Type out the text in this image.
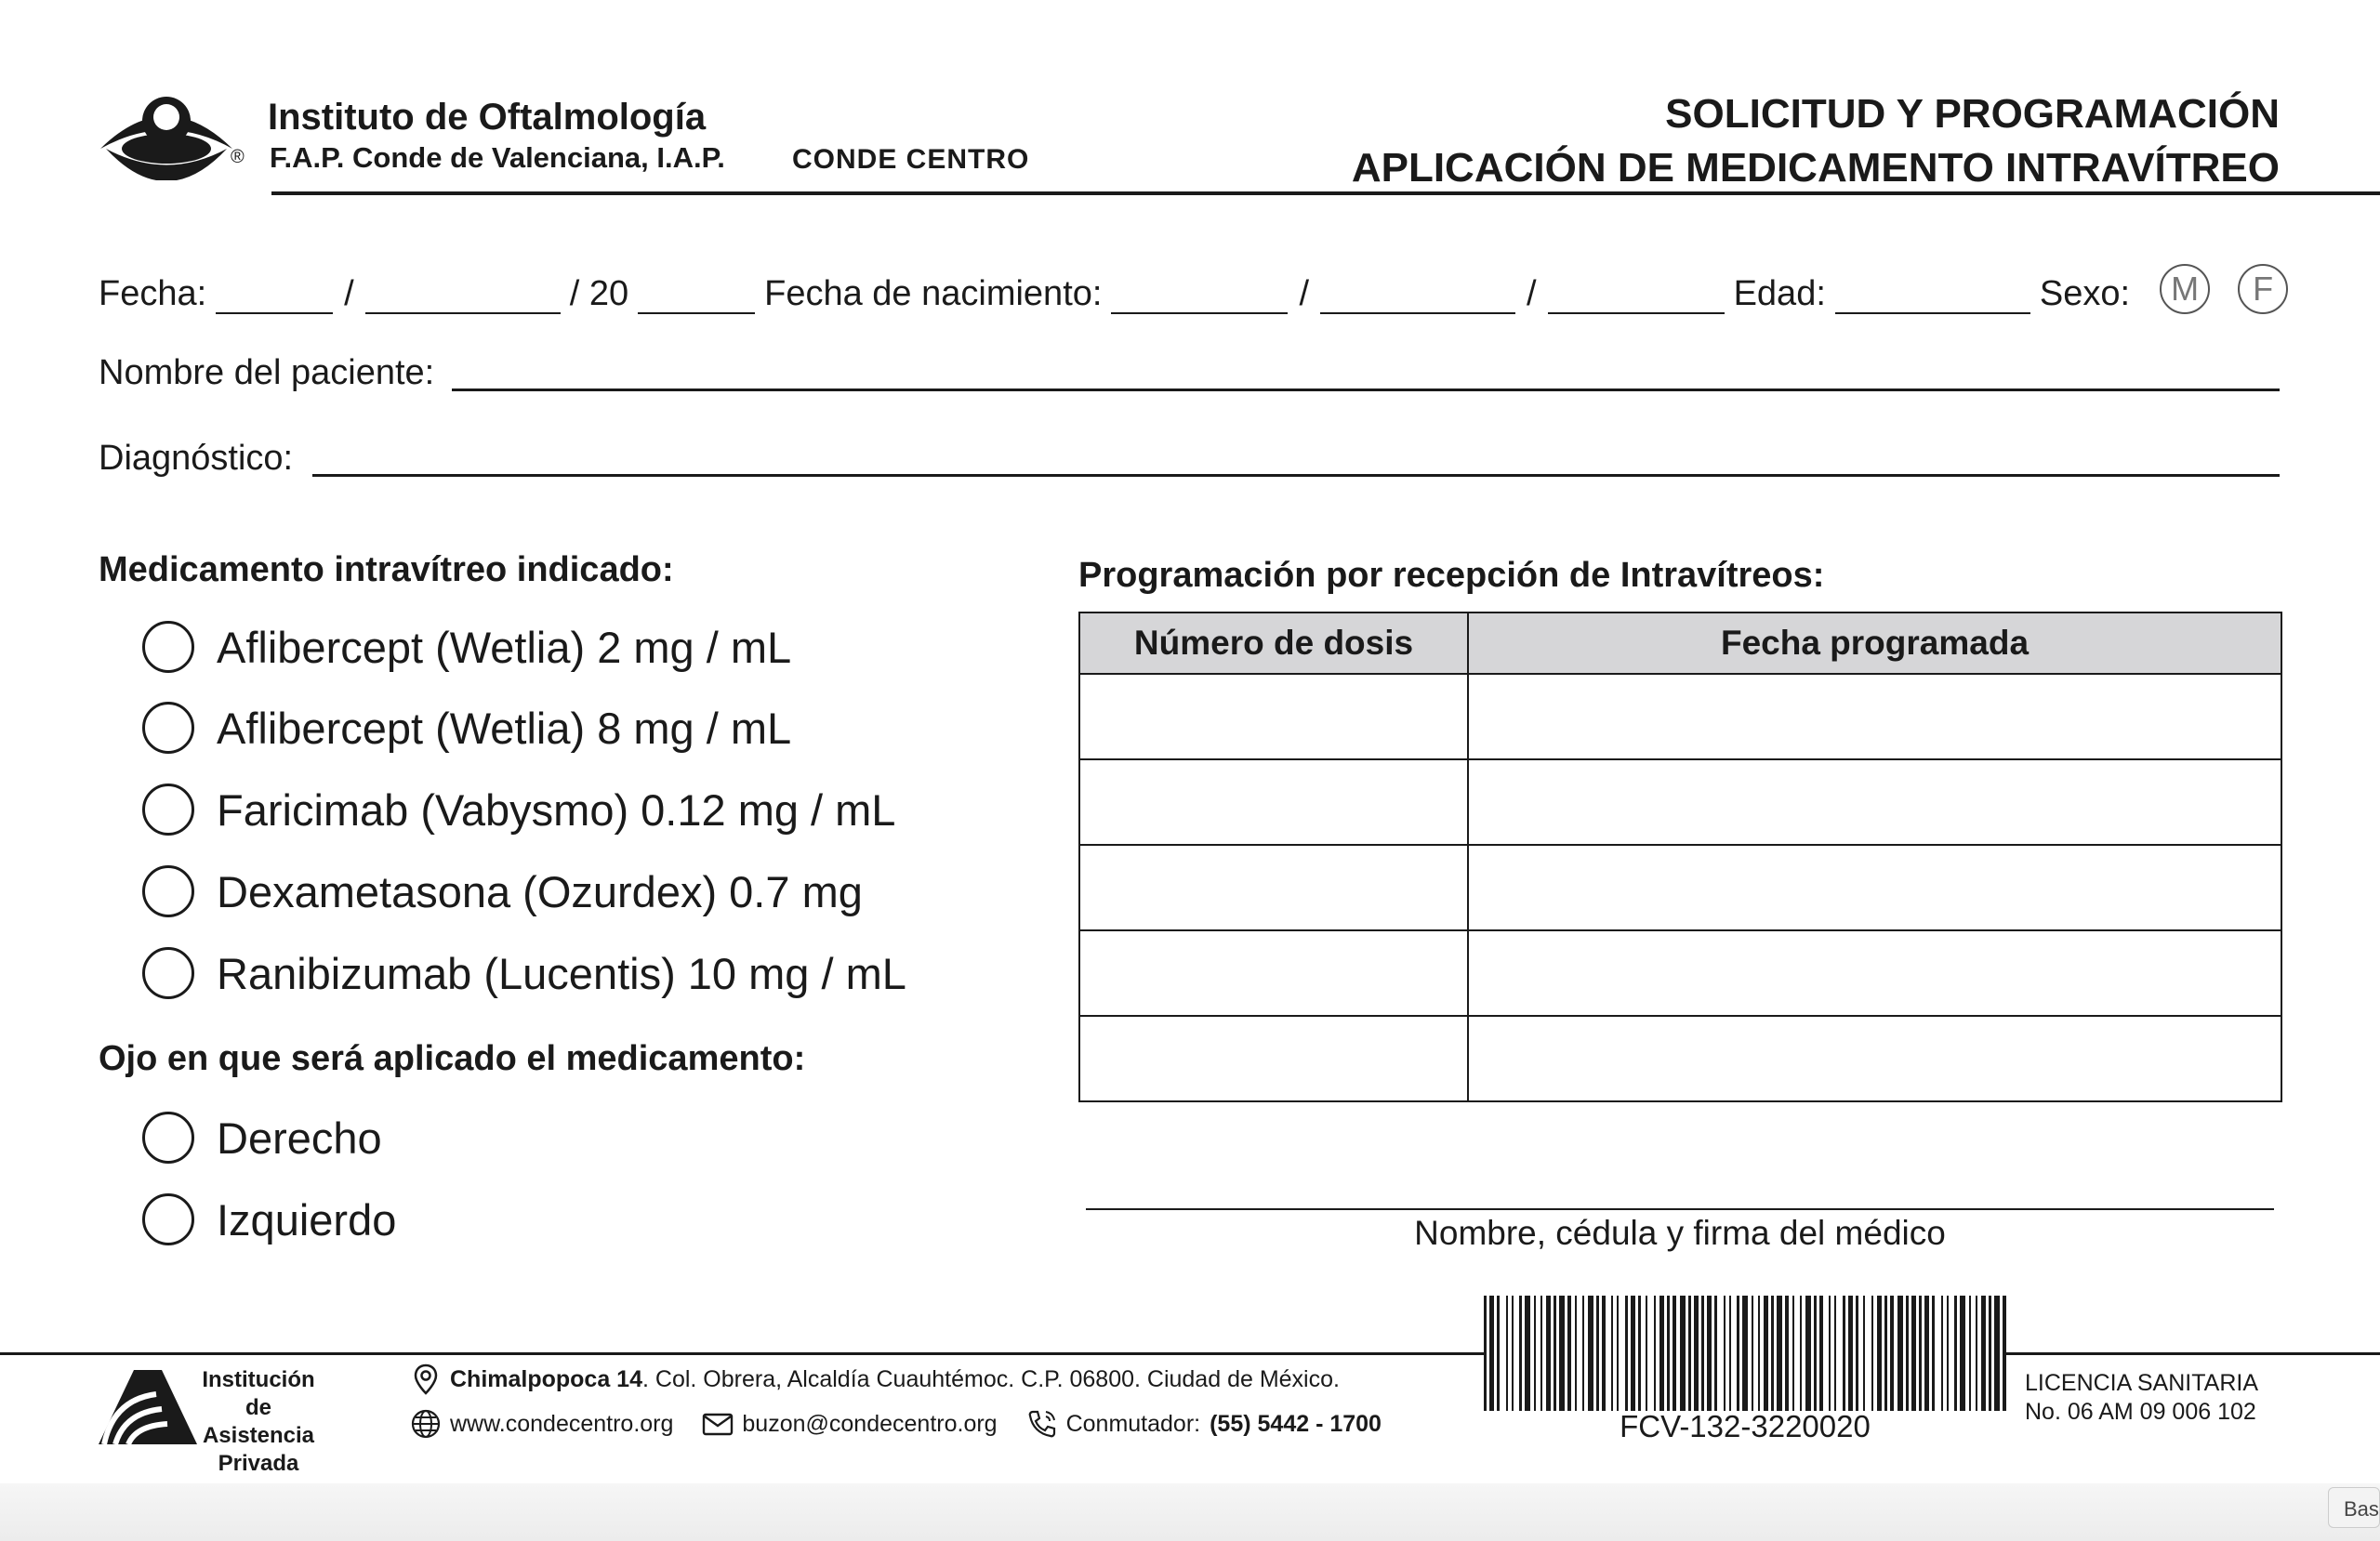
®
Instituto de Oftalmología
F.A.P. Conde de Valenciana, I.A.P. CONDE CENTRO
SOLICITUD Y PROGRAMACIÓN
APLICACIÓN DE MEDICAMENTO INTRAVÍTREO
Fecha:	/	/ 20	Fecha de nacimiento:	/	/	Edad:	Sexo:	M	F
Nombre del paciente:
Diagnóstico:
Medicamento intravítreo indicado:
Aflibercept (Wetlia) 2 mg / mL
Aflibercept (Wetlia) 8 mg / mL
Faricimab (Vabysmo) 0.12 mg / mL
Dexametasona (Ozurdex) 0.7 mg
Ranibizumab (Lucentis) 10 mg / mL
Ojo en que será aplicado el medicamento:
Derecho
Izquierdo
Programación por recepción de Intravítreos:
Número de dosis	Fecha programada

Nombre, cédula y firma del médico
Institución de
Asistencia
Privada
Chimalpopoca 14 . Col. Obrera, Alcaldía Cuauhtémoc. C.P. 06800. Ciudad de México.
www.condecentro.org	buzon@condecentro.org	Conmutador: (55) 5442 - 1700	FCV-132-3220020
LICENCIA SANITARIA
No. 06 AM 09 006 102
Bas
